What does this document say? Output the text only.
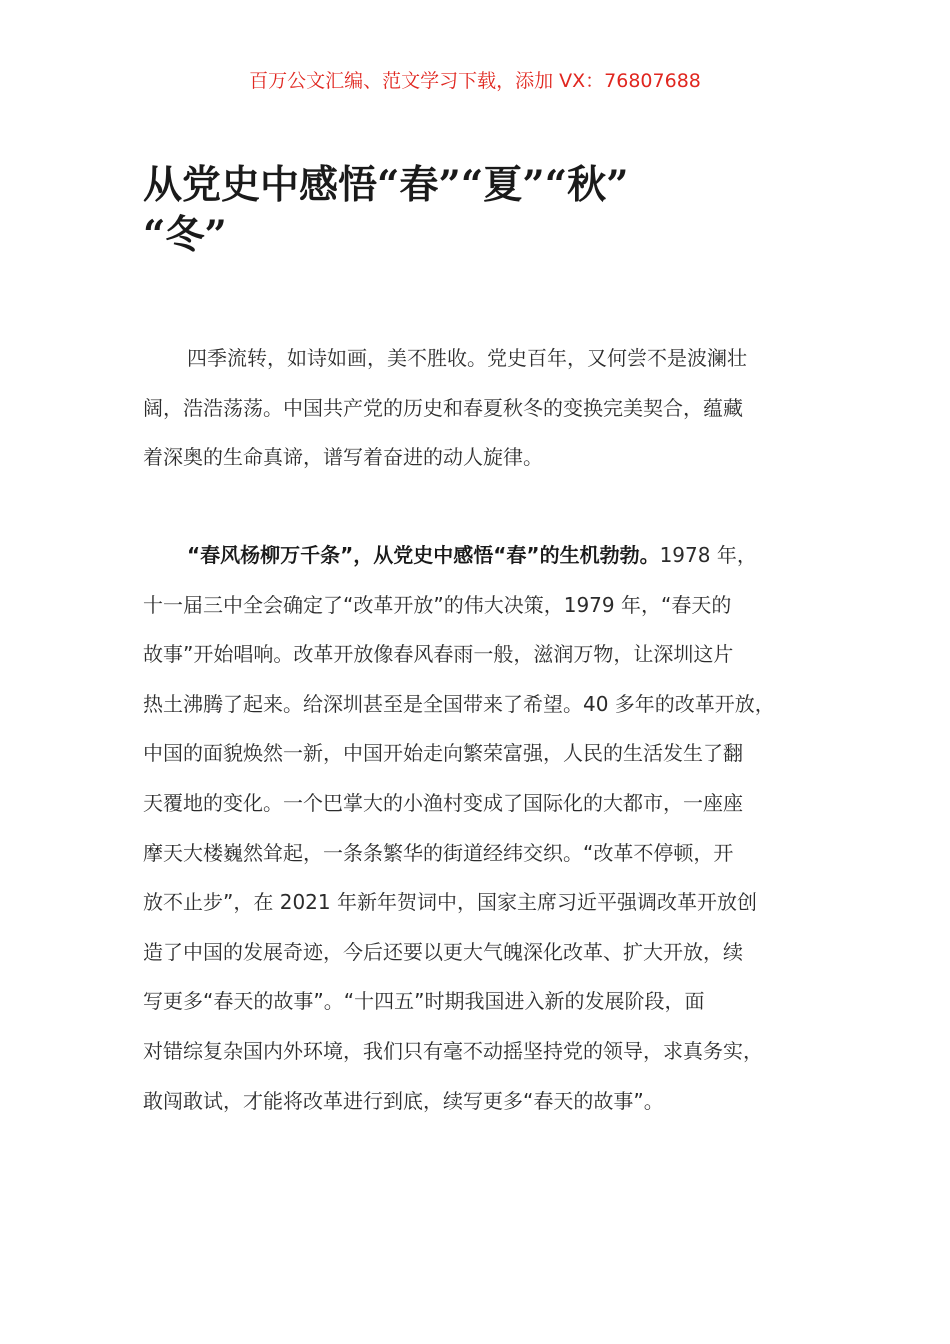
百万公文汇编、范文学习下载，添加 VX：76807688
从党史中感悟“春”“夏”“秋”
“冬”
四季流转，如诗如画，美不胜收。党史百年，又何尝不是波澜壮
阔，浩浩荡荡。中国共产党的历史和春夏秋冬的变换完美契合，蕴藏
着深奥的生命真谛，谱写着奋进的动人旋律。
“春风杨柳万千条”，从党史中感悟“春”的生机勃勃。1978 年，
十一届三中全会确定了“改革开放”的伟大决策，1979 年，“春天的
故事”开始唱响。改革开放像春风春雨一般，滋润万物，让深圳这片
热土沸腾了起来。给深圳甚至是全国带来了希望。40 多年的改革开放，
中国的面貌焕然一新，中国开始走向繁荣富强，人民的生活发生了翻
天覆地的变化。一个巴掌大的小渔村变成了国际化的大都市，一座座
摩天大楼巍然耸起，一条条繁华的街道经纬交织。“改革不停顿，开
放不止步”，在 2021 年新年贺词中，国家主席习近平强调改革开放创
造了中国的发展奇迹，今后还要以更大气魄深化改革、扩大开放，续
写更多“春天的故事”。“十四五”时期我国进入新的发展阶段，面
对错综复杂国内外环境，我们只有毫不动摇坚持党的领导，求真务实，
敢闯敢试，才能将改革进行到底，续写更多“春天的故事”。
